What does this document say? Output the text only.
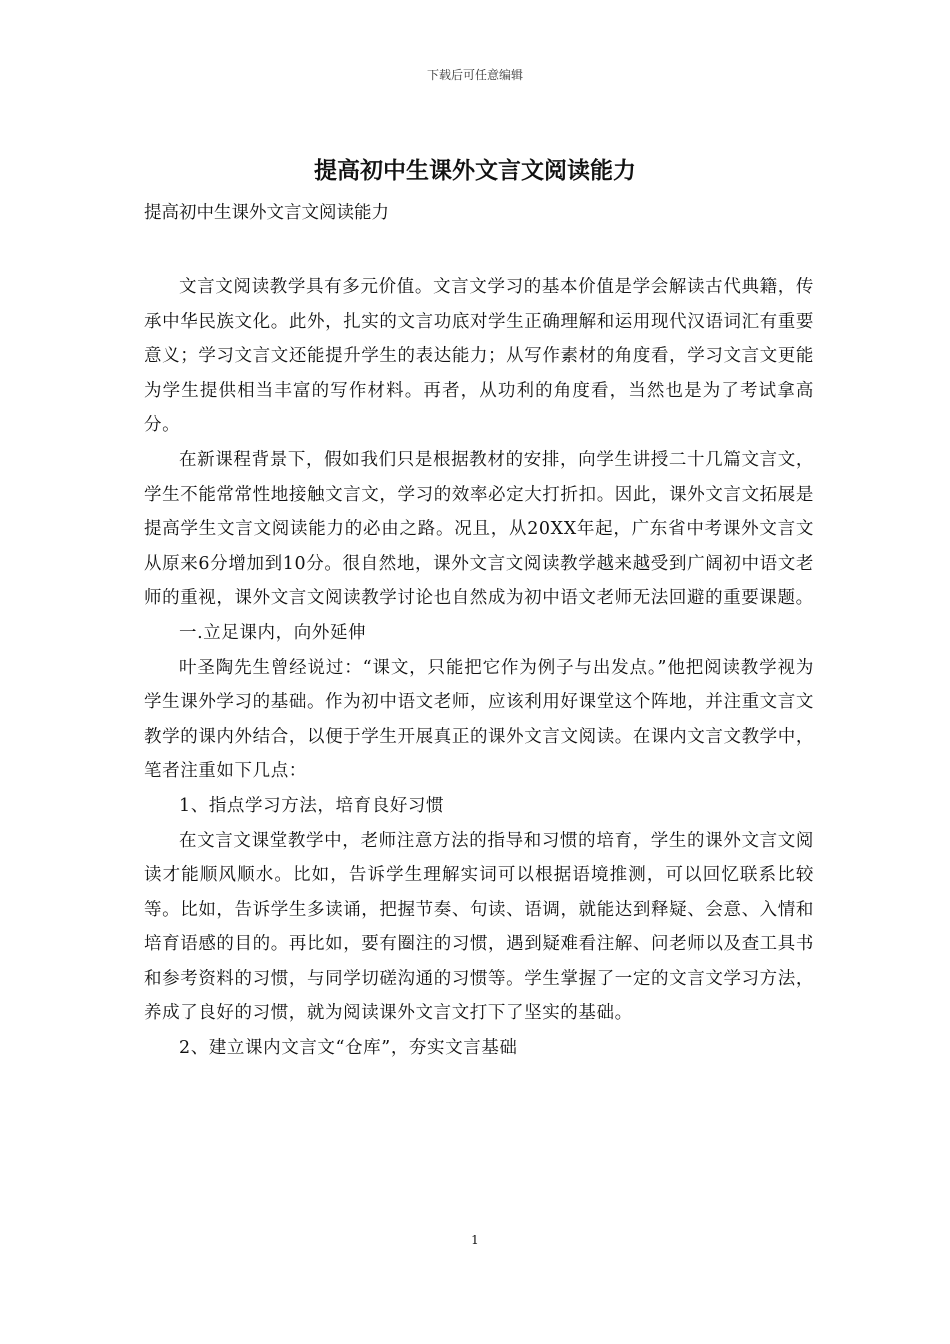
下载后可任意编辑
提高初中生课外文言文阅读能力

提高初中生课外文言文阅读能力

文言文阅读教学具有多元价值。文言文学习的基本价值是学会解读古代典籍，传承中华民族文化。此外，扎实的文言功底对学生正确理解和运用现代汉语词汇有重要意义；学习文言文还能提升学生的表达能力；从写作素材的角度看，学习文言文更能为学生提供相当丰富的写作材料。再者，从功利的角度看，当然也是为了考试拿高分。

在新课程背景下，假如我们只是根据教材的安排，向学生讲授二十几篇文言文，学生不能常常性地接触文言文，学习的效率必定大打折扣。因此，课外文言文拓展是提高学生文言文阅读能力的必由之路。况且，从20XX年起，广东省中考课外文言文从原来6分增加到10分。很自然地，课外文言文阅读教学越来越受到广阔初中语文老师的重视，课外文言文阅读教学讨论也自然成为初中语文老师无法回避的重要课题。

一.立足课内，向外延伸

叶圣陶先生曾经说过：“课文，只能把它作为例子与出发点。”他把阅读教学视为学生课外学习的基础。作为初中语文老师，应该利用好课堂这个阵地，并注重文言文教学的课内外结合，以便于学生开展真正的课外文言文阅读。在课内文言文教学中，笔者注重如下几点：

1、指点学习方法，培育良好习惯

在文言文课堂教学中，老师注意方法的指导和习惯的培育，学生的课外文言文阅读才能顺风顺水。比如，告诉学生理解实词可以根据语境推测，可以回忆联系比较等。比如，告诉学生多读诵，把握节奏、句读、语调，就能达到释疑、会意、入情和培育语感的目的。再比如，要有圈注的习惯，遇到疑难看注解、问老师以及查工具书和参考资料的习惯，与同学切磋沟通的习惯等。学生掌握了一定的文言文学习方法，养成了良好的习惯，就为阅读课外文言文打下了坚实的基础。

2、建立课内文言文“仓库”，夯实文言基础

1
